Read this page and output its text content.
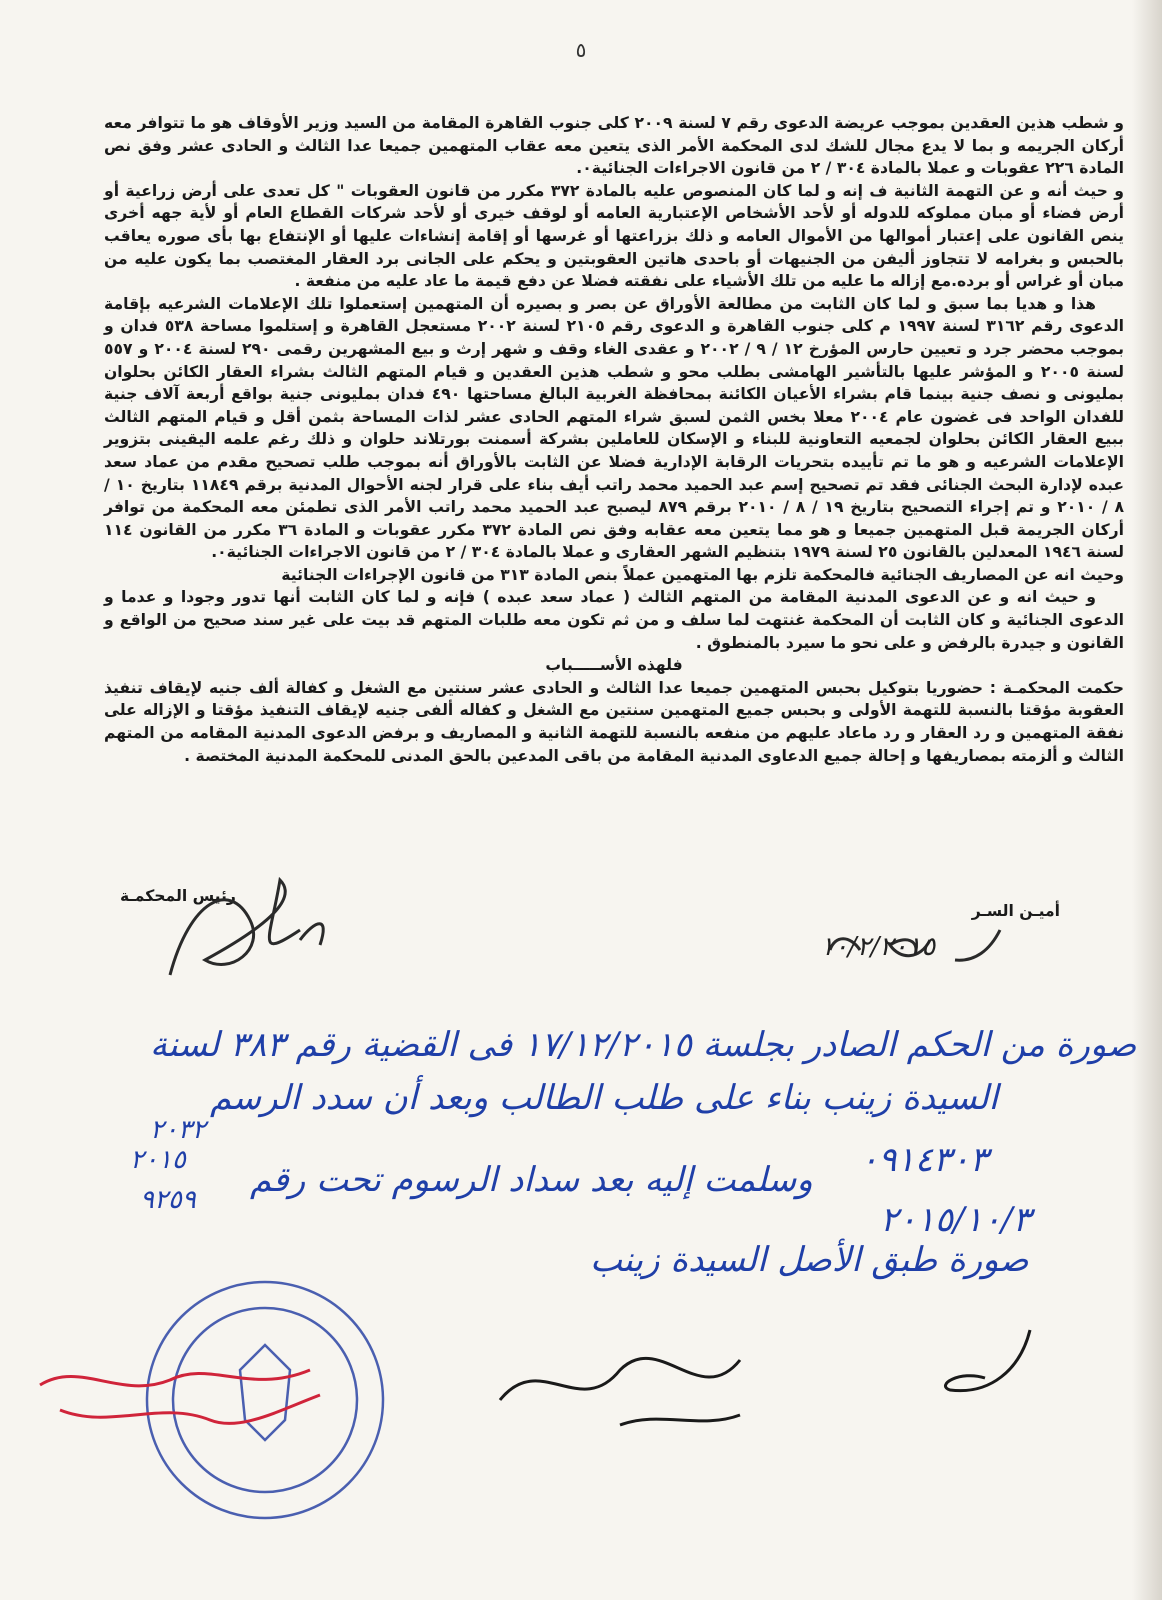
٥

و شطب هذين العقدين بموجب عريضة الدعوى رقم ٧ لسنة ٢٠٠٩ كلى جنوب القاهرة المقامة من السيد وزير الأوقاف هو ما تتوافر معه أركان الجريمه و بما لا يدع مجال للشك لدى المحكمة الأمر الذى يتعين معه عقاب المتهمين جميعا عدا الثالث و الحادى عشر وفق نص المادة ٢٢٦ عقوبات و عملا بالمادة ٣٠٤ / ٢ من قانون الاجراءات الجنائية٠.

و حيث أنه و عن التهمة الثانية ف إنه و لما كان المنصوص عليه بالمادة ٣٧٢ مكرر من قانون العقوبات " كل تعدى على أرض زراعية أو أرض فضاء أو مبان مملوكه للدوله أو لأحد الأشخاص الإعتبارية العامه أو لوقف خيرى أو لأحد شركات القطاع العام أو لأية جهه أخرى ينص القانون على إعتبار أموالها من الأموال العامه و ذلك بزراعتها أو غرسها أو إقامة إنشاءات عليها أو الإنتفاع بها بأى صوره يعاقب بالحبس و بغرامه لا تتجاوز أليفن من الجنيهات أو باحدى هاتين العقوبتين و يحكم على الجانى برد العقار المغتصب بما يكون عليه من مبان أو غراس أو برده.مع إزاله ما عليه من تلك الأشياء على نفقته فضلا عن دفع قيمة ما عاد عليه من منفعة .

هذا و هديا بما سبق و لما كان الثابت من مطالعة الأوراق عن بصر و بصيره أن المتهمين إستعملوا تلك الإعلامات الشرعيه بإقامة الدعوى رقم ٣١٦٢ لسنة ١٩٩٧ م كلى جنوب القاهرة و الدعوى رقم ٢١٠٥ لسنة ٢٠٠٢ مستعجل القاهرة و إستلموا مساحة ٥٣٨ فدان و بموجب محضر جرد و تعيين حارس المؤرخ ١٢ / ٩ / ٢٠٠٢ و عقدى الغاء وقف و شهر إرث و بيع المشهرين رقمى ٢٩٠ لسنة ٢٠٠٤ و ٥٥٧ لسنة ٢٠٠٥ و المؤشر عليها بالتأشير الهامشى بطلب محو و شطب هذين العقدين و قيام المتهم الثالث بشراء العقار الكائن بحلوان بمليونى و نصف جنية بينما قام بشراء الأعيان الكائنة بمحافظة الغربية البالغ مساحتها ٤٩٠ فدان بمليونى جنية بواقع أربعة آلاف جنية للفدان الواحد فى غضون عام ٢٠٠٤ معلا بخس الثمن لسبق شراء المتهم الحادى عشر لذات المساحة بثمن أقل و قيام المتهم الثالث ببيع العقار الكائن بحلوان لجمعيه التعاونية للبناء و الإسكان للعاملين بشركة أسمنت بورتلاند حلوان و ذلك رغم علمه اليقينى بتزوير الإعلامات الشرعيه و هو ما تم تأييده بتحريات الرقابة الإدارية فضلا عن الثابت بالأوراق أنه بموجب طلب تصحيح مقدم من عماد سعد عبده لإدارة البحث الجنائى فقد تم تصحيح إسم عبد الحميد محمد راتب أيف بناء على قرار لجنه الأحوال المدنية برقم ١١٨٤٩ بتاريخ ١٠ / ٨ / ٢٠١٠ و تم إجراء التصحيح بتاريخ ١٩ / ٨ / ٢٠١٠ برقم ٨٧٩ ليصبح عبد الحميد محمد راتب الأمر الذى تطمئن معه المحكمة من توافر أركان الجريمة قبل المتهمين جميعا و هو مما يتعين معه عقابه وفق نص المادة ٣٧٢ مكرر عقوبات و المادة ٣٦ مكرر من القانون ١١٤ لسنة ١٩٤٦ المعدلين بالقانون ٢٥ لسنة ١٩٧٩ بتنظيم الشهر العقارى و عملا بالمادة ٣٠٤ / ٢ من قانون الاجراءات الجنائية٠.

وحيث انه عن المصاريف الجنائية فالمحكمة تلزم بها المتهمين عملاً بنص المادة ٣١٣ من قانون الإجراءات الجنائية

و حيث انه و عن الدعوى المدنية المقامة من المتهم الثالث ( عماد سعد عبده ) فإنه و لما كان الثابت أنها تدور وجودا و عدما و الدعوى الجنائية و كان الثابت أن المحكمة غنتهت لما سلف و من ثم تكون معه طلبات المتهم قد بيت على غير سند صحيح من الواقع و القانون و جيدرة بالرفض و على نحو ما سيرد بالمنطوق .

فلهذه الأســـــباب

حكمت المحكمـة : حضوريا بتوكيل بحبس المتهمين جميعا عدا الثالث و الحادى عشر سنتين مع الشغل و كفالة ألف جنيه لإيقاف تنفيذ العقوبة مؤقتا بالنسبة للتهمة الأولى و بحبس جميع المتهمين سنتين مع الشغل و كفاله ألفى جنيه لإيقاف التنفيذ مؤقتا و الإزاله على نفقة المتهمين و رد العقار و رد ماعاد عليهم من منفعه بالنسبة للتهمة الثانية و المصاريف و برفض الدعوى المدنية المقامه من المتهم الثالث و ألزمته بمصاريفها و إحالة جميع الدعاوى المدنية المقامة من باقى المدعين بالحق المدنى للمحكمة المدنية المختصة .

أميـن السـر
رئيس المحكمـة
صورة من الحكم الصادر بجلسة ١٧/١٢/٢٠١٥ فى القضية رقم ٣٨٣ لسنة
السيدة زينب بناء على طلب الطالب وبعد أن سدد الرسم
٢٠٣٢
٠٩١٤٣٠٣
وسلمت إليه بعد سداد الرسوم تحت رقم
٢٠١٥
٩٢٥٩	٢٠١٥/١٠/٣
صورة طبق الأصل السيدة زينب
١٠/٢/٢٠١٥
